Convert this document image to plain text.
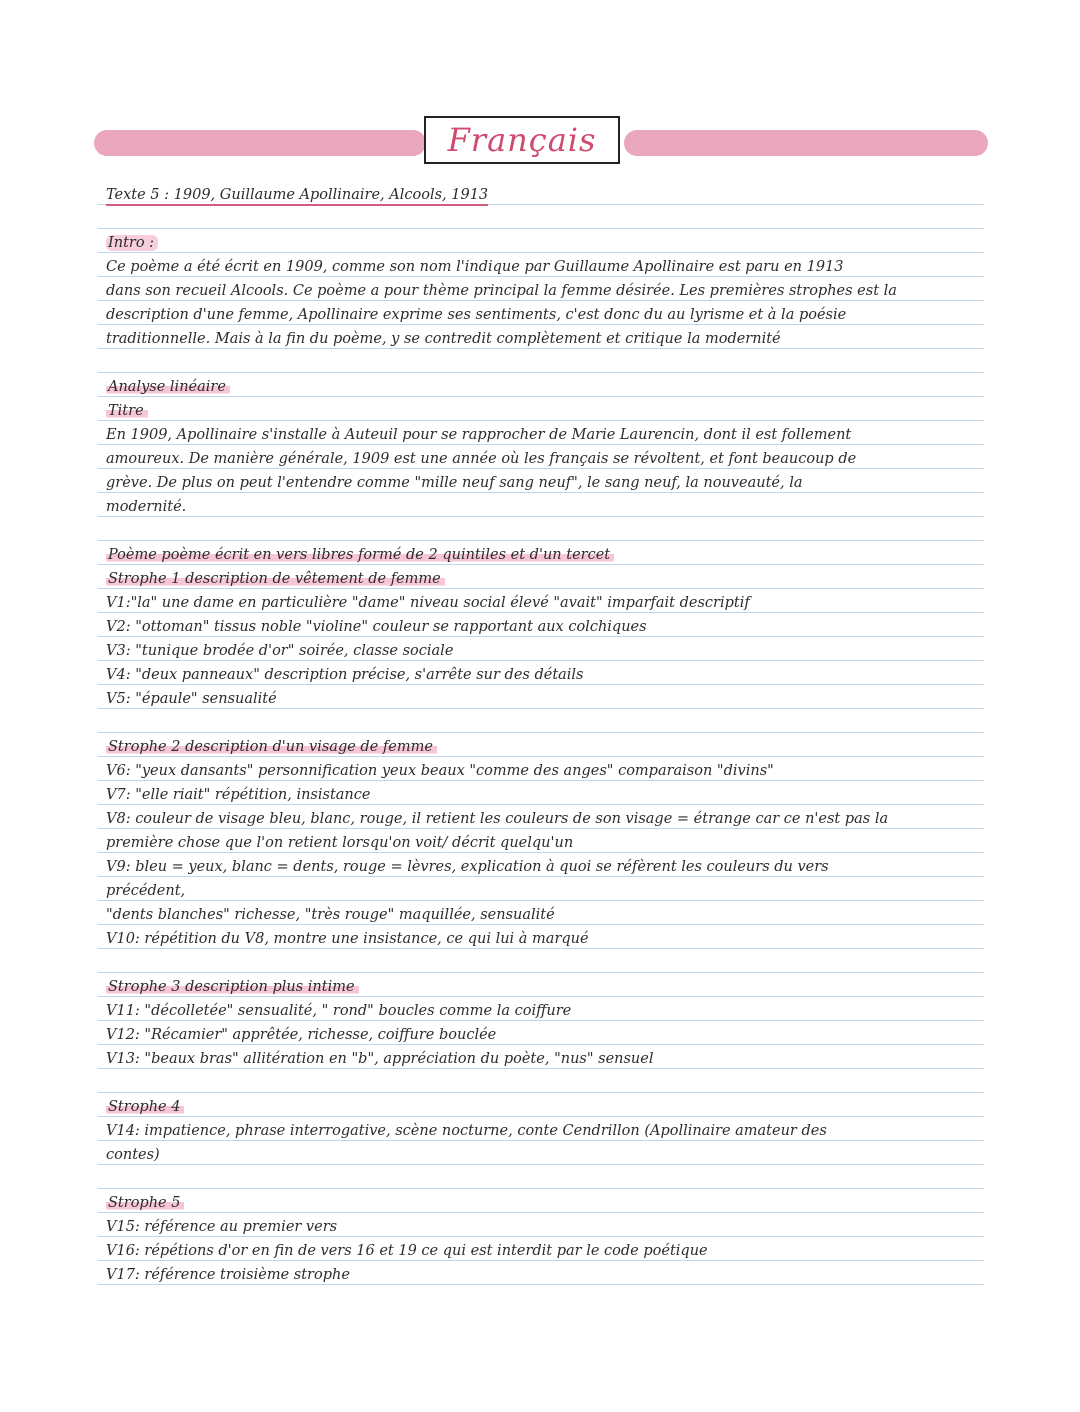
Français
Texte 5 : 1909, Guillaume Apollinaire, Alcools, 1913
Intro :
Ce poème a été écrit en 1909, comme son nom l'indique par Guillaume Apollinaire est paru en 1913
dans son recueil Alcools. Ce poème a pour thème principal la femme désirée. Les premières strophes est la
description d'une femme, Apollinaire exprime ses sentiments, c'est donc du au lyrisme et à la poésie
traditionnelle. Mais à la fin du poème, y se contredit complètement et critique la modernité
Analyse linéaire
Titre
En 1909, Apollinaire s'installe à Auteuil pour se rapprocher de Marie Laurencin, dont il est follement
amoureux. De manière générale, 1909 est une année où les français se révoltent, et font beaucoup de
grève. De plus on peut l'entendre comme "mille neuf sang neuf", le sang neuf, la nouveauté, la
modernité.
Poème poème écrit en vers libres formé de 2 quintiles et d'un tercet
Strophe 1 description de vêtement de femme
V1:"la" une dame en particulière "dame" niveau social élevé "avait" imparfait descriptif
V2: "ottoman" tissus noble "violine" couleur se rapportant aux colchiques
V3: "tunique brodée d'or" soirée, classe sociale
V4: "deux panneaux" description précise, s'arrête sur des détails
V5: "épaule" sensualité
Strophe 2 description d'un visage de femme
V6: "yeux dansants" personnification yeux beaux "comme des anges" comparaison "divins"
V7: "elle riait" répétition, insistance
V8: couleur de visage bleu, blanc, rouge, il retient les couleurs de son visage = étrange car ce n'est pas la
première chose que l'on retient lorsqu'on voit/ décrit quelqu'un
V9: bleu = yeux, blanc = dents, rouge = lèvres, explication à quoi se réfèrent les couleurs du vers
précédent,
"dents blanches" richesse, "très rouge" maquillée, sensualité
V10: répétition du V8, montre une insistance, ce qui lui à marqué
Strophe 3 description plus intime
V11: "décolletée" sensualité, " rond" boucles comme la coiffure
V12: "Récamier" apprêtée, richesse, coiffure bouclée
V13: "beaux bras" allitération en "b", appréciation du poète, "nus" sensuel
Strophe 4
V14: impatience, phrase interrogative, scène nocturne, conte Cendrillon (Apollinaire amateur des
contes)
Strophe 5
V15: référence au premier vers
V16: répétions d'or en fin de vers 16 et 19 ce qui est interdit par le code poétique
V17: référence troisième strophe
